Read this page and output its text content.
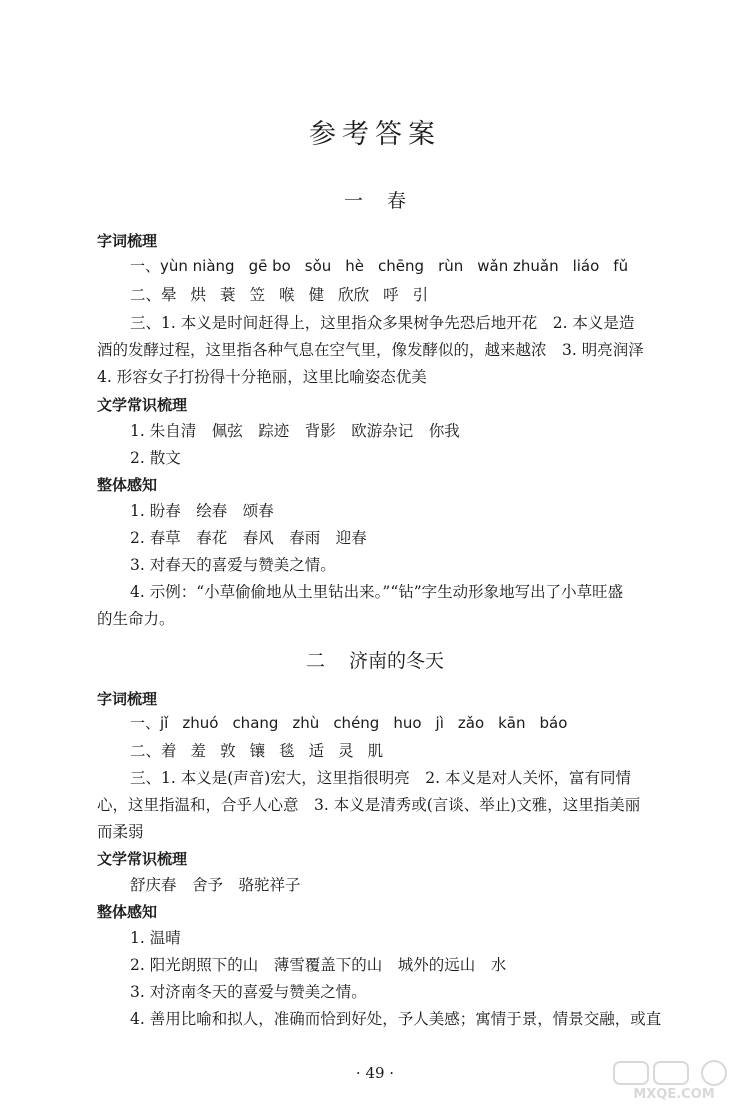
参考答案
一 春
字词梳理
一、yùn niàng gē bo sǒu hè chēng rùn wǎn zhuǎn liáo fǔ
二、晕 烘 蓑 笠 喉 健 欣欣 呼 引
三、1. 本义是时间赶得上，这里指众多果树争先恐后地开花　2. 本义是造
酒的发酵过程，这里指各种气息在空气里，像发酵似的，越来越浓　3. 明亮润泽
4. 形容女子打扮得十分艳丽，这里比喻姿态优美
文学常识梳理
1. 朱自清　佩弦　踪迹　背影　欧游杂记　你我
2. 散文
整体感知
1. 盼春　绘春　颂春
2. 春草　春花　春风　春雨　迎春
3. 对春天的喜爱与赞美之情。
4. 示例：“小草偷偷地从土里钻出来。”“钻”字生动形象地写出了小草旺盛
的生命力。
二 济南的冬天
字词梳理
一、jǐ zhuó chang zhù chéng huo jì zǎo kān báo
二、着 羞 敦 镶 毯 适 灵 肌
三、1. 本义是(声音)宏大，这里指很明亮　2. 本义是对人关怀，富有同情
心，这里指温和，合乎人心意　3. 本义是清秀或(言谈、举止)文雅，这里指美丽
而柔弱
文学常识梳理
舒庆春　舍予　骆驼祥子
整体感知
1. 温晴
2. 阳光朗照下的山　薄雪覆盖下的山　城外的远山　水
3. 对济南冬天的喜爱与赞美之情。
4. 善用比喻和拟人，准确而恰到好处，予人美感；寓情于景，情景交融，或直
· 49 ·
MXQE.COM
